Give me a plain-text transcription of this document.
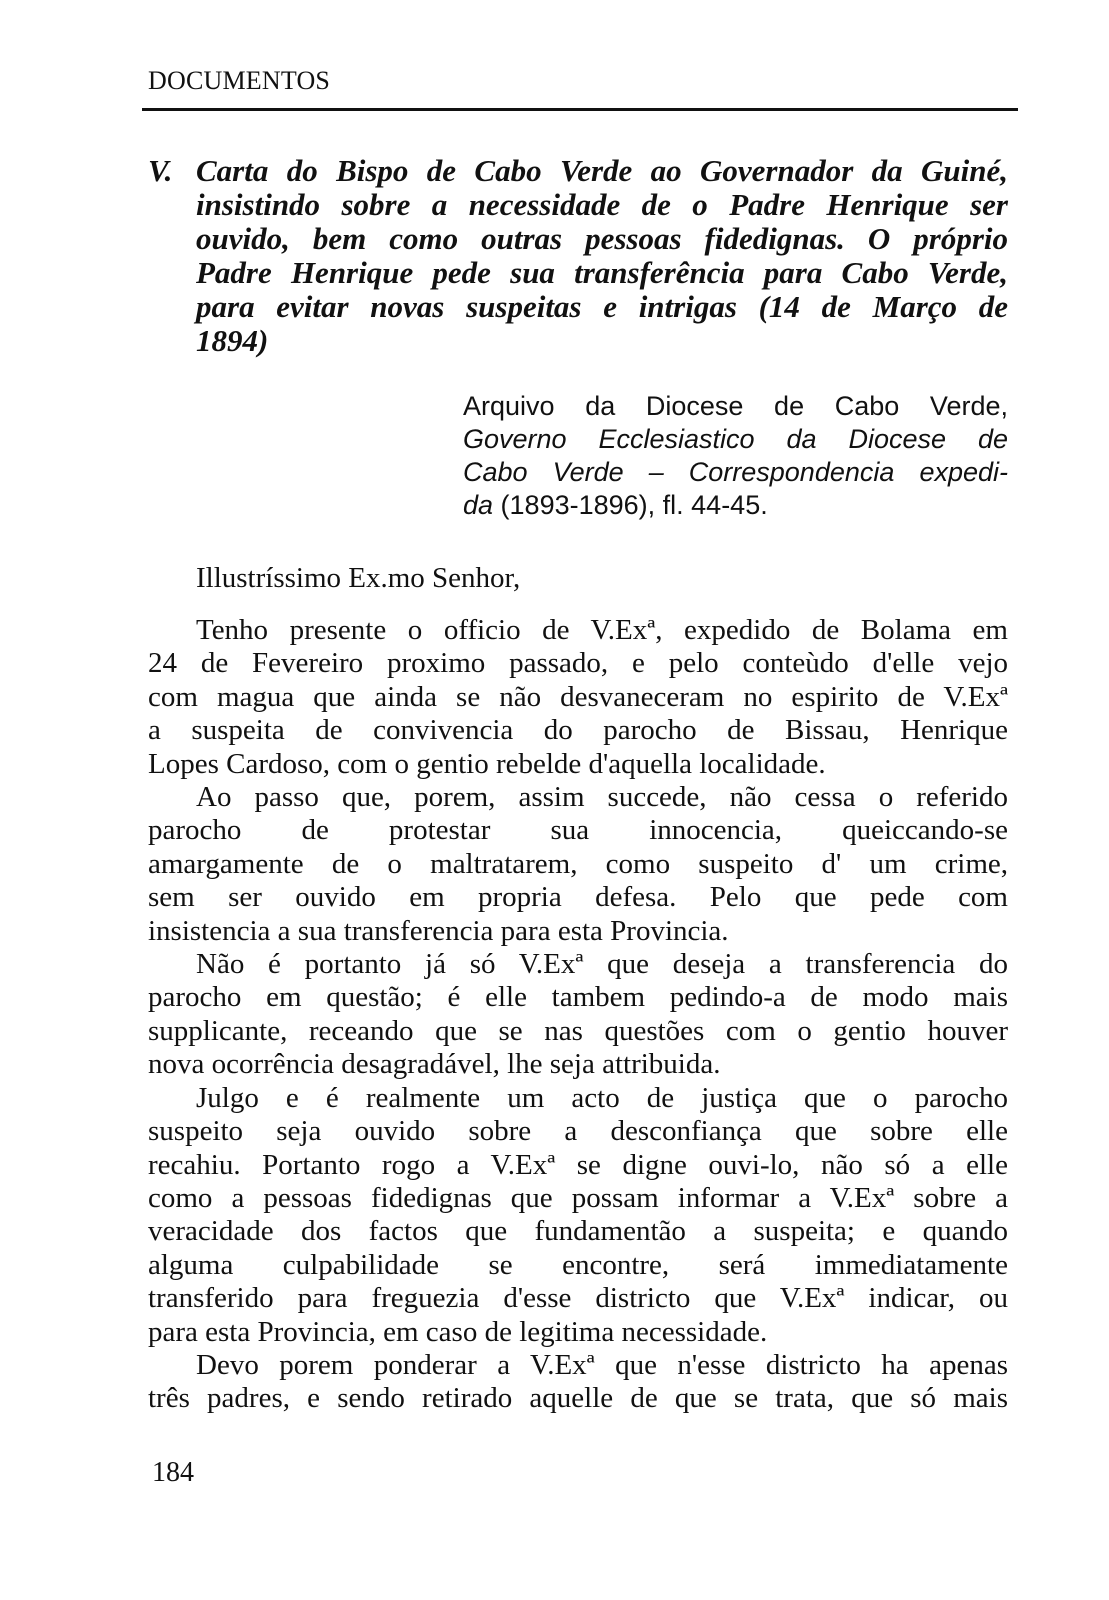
DOCUMENTOS
V. Carta do Bispo de Cabo Verde ao Governador da Guiné,
insistindo sobre a necessidade de o Padre Henrique ser
ouvido, bem como outras pessoas fidedignas. O próprio
Padre Henrique pede sua transferência para Cabo Verde,
para evitar novas suspeitas e intrigas (14 de Março de
1894)
Arquivo da Diocese de Cabo Verde,
Governo Ecclesiastico da Diocese de
Cabo Verde – Correspondencia expedi-
da (1893-1896), fl. 44-45.
Illustríssimo Ex.mo Senhor,
Tenho presente o officio de V.Exª, expedido de Bolama em
24 de Fevereiro proximo passado, e pelo conteùdo d'elle vejo
com magua que ainda se não desvaneceram no espirito de V.Exª
a suspeita de convivencia do parocho de Bissau, Henrique
Lopes Cardoso, com o gentio rebelde d'aquella localidade.
Ao passo que, porem, assim succede, não cessa o referido
parocho de protestar sua innocencia, queiccando-se
amargamente de o maltratarem, como suspeito d' um crime,
sem ser ouvido em propria defesa. Pelo que pede com
insistencia a sua transferencia para esta Provincia.
Não é portanto já só V.Exª que deseja a transferencia do
parocho em questão; é elle tambem pedindo-a de modo mais
supplicante, receando que se nas questões com o gentio houver
nova ocorrência desagradável, lhe seja attribuida.
Julgo e é realmente um acto de justiça que o parocho
suspeito seja ouvido sobre a desconfiança que sobre elle
recahiu. Portanto rogo a V.Exª se digne ouvi-lo, não só a elle
como a pessoas fidedignas que possam informar a V.Exª sobre a
veracidade dos factos que fundamentão a suspeita; e quando
alguma culpabilidade se encontre, será immediatamente
transferido para freguezia d'esse districto que V.Exª indicar, ou
para esta Provincia, em caso de legitima necessidade.
Devo porem ponderar a V.Exª que n'esse districto ha apenas
três padres, e sendo retirado aquelle de que se trata, que só mais
184
